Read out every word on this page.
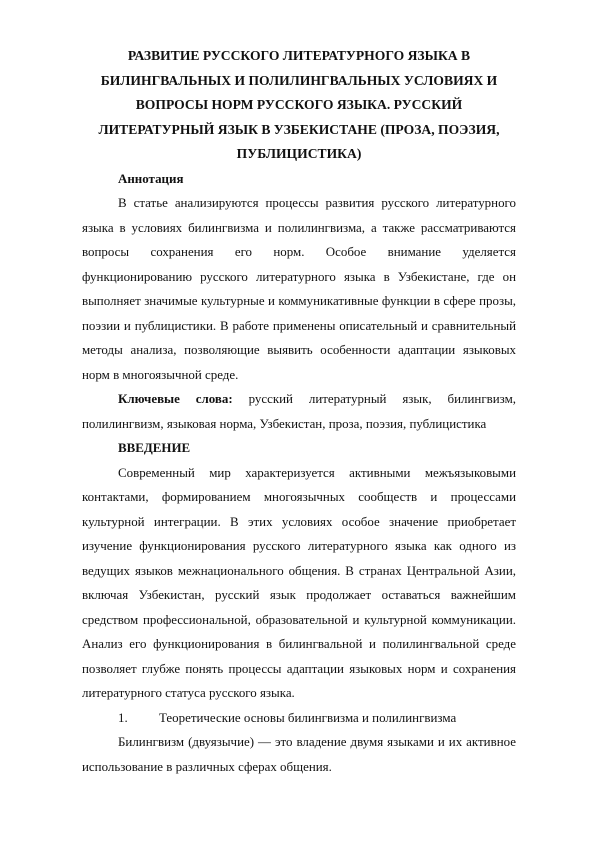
РАЗВИТИЕ РУССКОГО ЛИТЕРАТУРНОГО ЯЗЫКА В БИЛИНГВАЛЬНЫХ И ПОЛИЛИНГВАЛЬНЫХ УСЛОВИЯХ И ВОПРОСЫ НОРМ РУССКОГО ЯЗЫКА. РУССКИЙ ЛИТЕРАТУРНЫЙ ЯЗЫК В УЗБЕКИСТАНЕ (ПРОЗА, ПОЭЗИЯ, ПУБЛИЦИСТИКА)
Аннотация

В статье анализируются процессы развития русского литературного языка в условиях билингвизма и полилингвизма, а также рассматриваются вопросы сохранения его норм. Особое внимание уделяется функционированию русского литературного языка в Узбекистане, где он выполняет значимые культурные и коммуникативные функции в сфере прозы, поэзии и публицистики. В работе применены описательный и сравнительный методы анализа, позволяющие выявить особенности адаптации языковых норм в многоязычной среде.

Ключевые слова: русский литературный язык, билингвизм, полилингвизм, языковая норма, Узбекистан, проза, поэзия, публицистика

ВВЕДЕНИЕ

Современный мир характеризуется активными межъязыковыми контактами, формированием многоязычных сообществ и процессами культурной интеграции. В этих условиях особое значение приобретает изучение функционирования русского литературного языка как одного из ведущих языков межнационального общения. В странах Центральной Азии, включая Узбекистан, русский язык продолжает оставаться важнейшим средством профессиональной, образовательной и культурной коммуникации. Анализ его функционирования в билингвальной и полилингвальной среде позволяет глубже понять процессы адаптации языковых норм и сохранения литературного статуса русского языка.

1.	Теоретические основы билингвизма и полилингвизма

Билингвизм (двуязычие) — это владение двумя языками и их активное использование в различных сферах общения.
